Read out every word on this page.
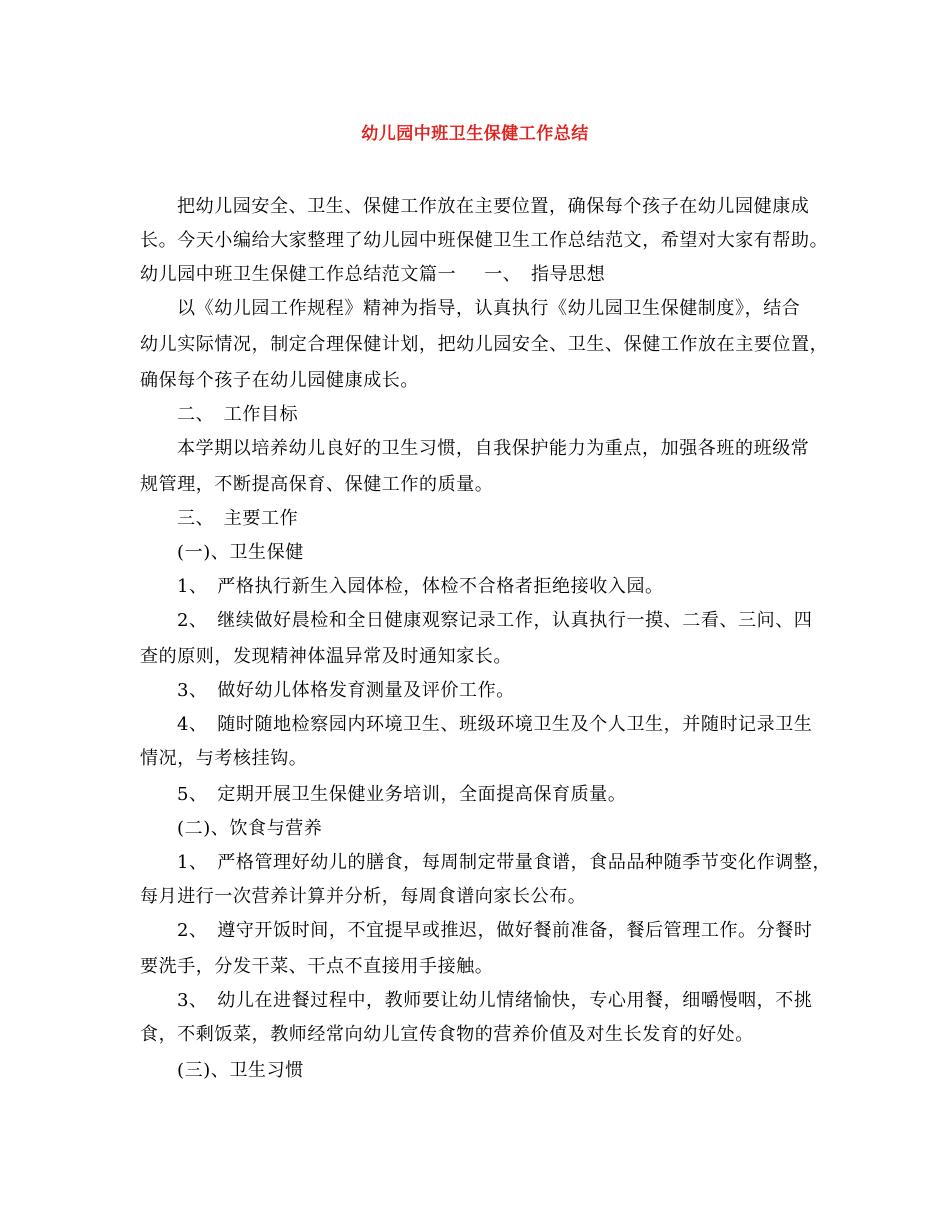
幼儿园中班卫生保健工作总结
把幼儿园安全、卫生、保健工作放在主要位置，确保每个孩子在幼儿园健康成
长。今天小编给大家整理了幼儿园中班保健卫生工作总结范文，希望对大家有帮助。
幼儿园中班卫生保健工作总结范文篇一 一、　指导思想
以《幼儿园工作规程》精神为指导，认真执行《幼儿园卫生保健制度》，结合
幼儿实际情况，制定合理保健计划，把幼儿园安全、卫生、保健工作放在主要位置，
确保每个孩子在幼儿园健康成长。
二、　工作目标
本学期以培养幼儿良好的卫生习惯，自我保护能力为重点，加强各班的班级常
规管理，不断提高保育、保健工作的质量。
三、　主要工作
(一)、卫生保健
1、　严格执行新生入园体检，体检不合格者拒绝接收入园。
2、　继续做好晨检和全日健康观察记录工作，认真执行一摸、二看、三问、四
查的原则，发现精神体温异常及时通知家长。
3、　做好幼儿体格发育测量及评价工作。
4、　随时随地检察园内环境卫生、班级环境卫生及个人卫生，并随时记录卫生
情况，与考核挂钩。
5、　定期开展卫生保健业务培训，全面提高保育质量。
(二)、饮食与营养
1、　严格管理好幼儿的膳食，每周制定带量食谱，食品品种随季节变化作调整，
每月进行一次营养计算并分析，每周食谱向家长公布。
2、　遵守开饭时间，不宜提早或推迟，做好餐前准备，餐后管理工作。分餐时
要洗手，分发干菜、干点不直接用手接触。
3、　幼儿在进餐过程中，教师要让幼儿情绪愉快，专心用餐，细嚼慢咽，不挑
食，不剩饭菜，教师经常向幼儿宣传食物的营养价值及对生长发育的好处。
(三)、卫生习惯
